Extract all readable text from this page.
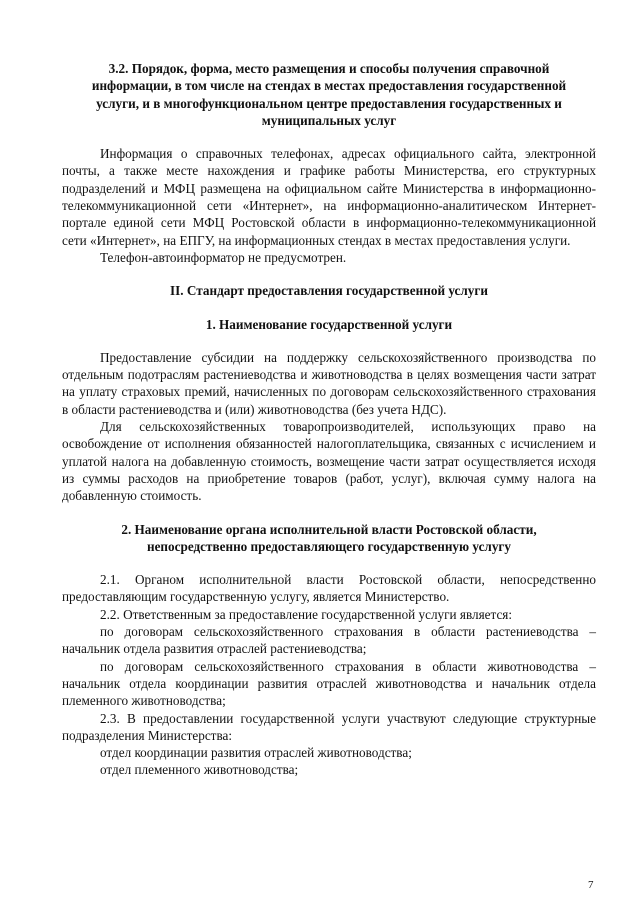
3.2. Порядок, форма, место размещения и способы получения справочной информации, в том числе на стендах в местах предоставления государственной услуги, и в многофункциональном центре предоставления государственных и муниципальных услуг

Информация о справочных телефонах, адресах официального сайта, электронной почты, а также месте нахождения и графике работы Министерства, его структурных подразделений и МФЦ размещена на официальном сайте Министерства в информационно-телекоммуникационной сети «Интернет», на информационно-аналитическом Интернет-портале единой сети МФЦ Ростовской области в информационно-телекоммуникационной сети «Интернет», на ЕПГУ, на информационных стендах в местах предоставления услуги.

Телефон-автоинформатор не предусмотрен.

II. Стандарт предоставления государственной услуги
1. Наименование государственной услуги

Предоставление субсидии на поддержку сельскохозяйственного производства по отдельным подотраслям растениеводства и животноводства в целях возмещения части затрат на уплату страховых премий, начисленных по договорам сельскохозяйственного страхования в области растениеводства и (или) животноводства (без учета НДС).

Для сельскохозяйственных товаропроизводителей, использующих право на освобождение от исполнения обязанностей налогоплательщика, связанных с исчислением и уплатой налога на добавленную стоимость, возмещение части затрат осуществляется исходя из суммы расходов на приобретение товаров (работ, услуг), включая сумму налога на добавленную стоимость.

2. Наименование органа исполнительной власти Ростовской области, непосредственно предоставляющего государственную услугу

2.1. Органом исполнительной власти Ростовской области, непосредственно предоставляющим государственную услугу, является Министерство.

2.2. Ответственным за предоставление государственной услуги является:

по договорам сельскохозяйственного страхования в области растениеводства – начальник отдела развития отраслей растениеводства;

по договорам сельскохозяйственного страхования в области животноводства – начальник отдела координации развития отраслей животноводства и начальник отдела племенного животноводства;

2.3. В предоставлении государственной услуги участвуют следующие структурные подразделения Министерства:

отдел координации развития отраслей животноводства;
отдел племенного животноводства;
7
